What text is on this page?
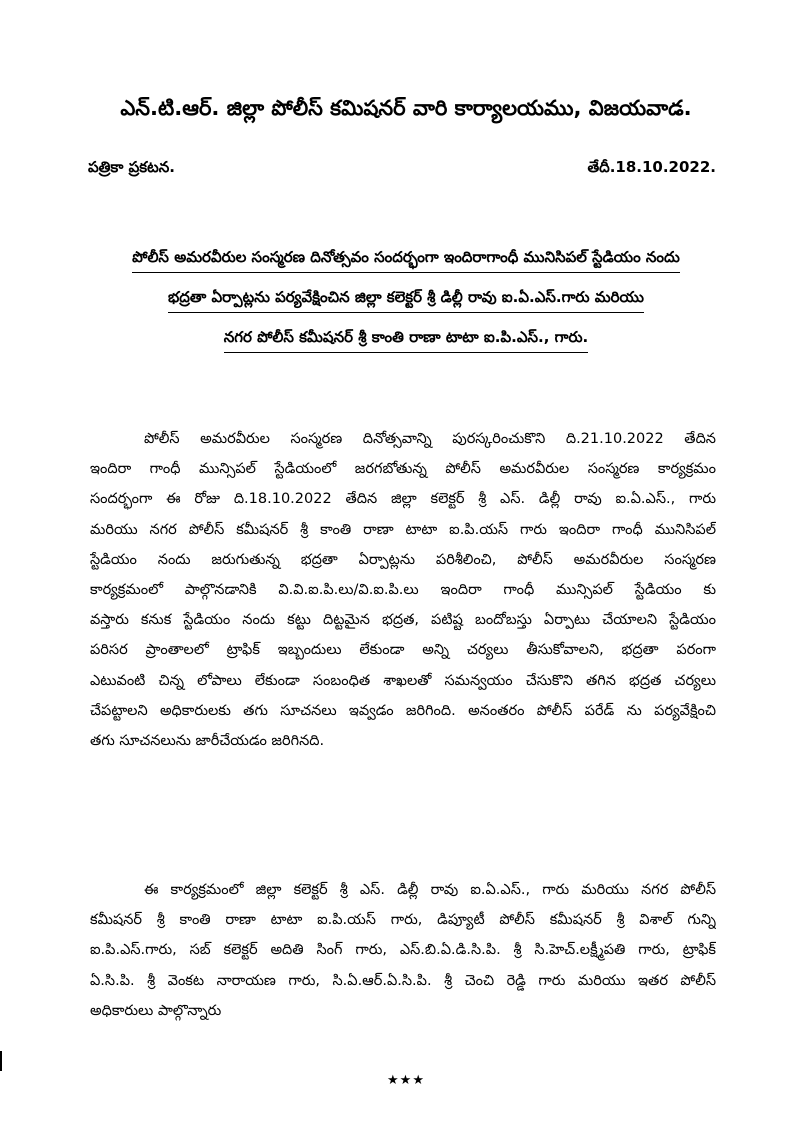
ఎన్.టి.ఆర్. జిల్లా పోలీస్ కమిషనర్ వారి కార్యాలయము, విజయవాడ.
పత్రికా ప్రకటన.	తేదీ.18.10.2022.
పోలీస్ అమరవీరుల సంస్మరణ దినోత్సవం సందర్భంగా ఇందిరాగాంధీ మునిసిపల్ స్టేడియం నందు
భద్రతా ఏర్పాట్లను పర్యవేక్షించిన జిల్లా కలెక్టర్ శ్రీ డిల్లీ రావు ఐ.ఏ.ఎస్.గారు మరియు
నగర పోలీస్ కమీషనర్ శ్రీ కాంతి రాణా టాటా ఐ.పి.ఎస్., గారు.
పోలీస్ అమరవీరుల సంస్మరణ దినోత్సవాన్ని పురస్కరించుకొని ది.21.10.2022 తేదిన
ఇందిరా గాంధీ మున్సిపల్ స్టేడియంలో జరగబోతున్న పోలీస్ అమరవీరుల సంస్మరణ కార్యక్రమం
సందర్భంగా ఈ రోజు ది.18.10.2022 తేదిన జిల్లా కలెక్టర్ శ్రీ ఎస్. డిల్లీ రావు ఐ.ఏ.ఎస్., గారు
మరియు నగర పోలీస్ కమీషనర్ శ్రీ కాంతి రాణా టాటా ఐ.పి.యస్ గారు ఇందిరా గాంధీ మునిసిపల్
స్టేడియం నందు జరుగుతున్న భద్రతా ఏర్పాట్లను పరిశీలించి, పోలీస్ అమరవీరుల సంస్మరణ
కార్యక్రమంలో పాల్గొనడానికి వి.వి.ఐ.పి.లు/వి.ఐ.పి.లు ఇందిరా గాంధీ మున్సిపల్ స్టేడియం కు
వస్తారు కనుక స్టేడియం నందు కట్టు దిట్టమైన భద్రత, పటిష్ట బందోబస్తు ఏర్పాటు చేయాలని స్టేడియం
పరిసర ప్రాంతాలలో ట్రాఫిక్ ఇబ్బందులు లేకుండా అన్ని చర్యలు తీసుకోవాలని, భద్రతా పరంగా
ఎటువంటి చిన్న లోపాలు లేకుండా సంబంధిత శాఖలతో సమన్వయం చేసుకొని తగిన భద్రత చర్యలు
చేపట్టాలని అధికారులకు తగు సూచనలు ఇవ్వడం జరిగింది. అనంతరం పోలీస్ పరేడ్ ను పర్యవేక్షించి
తగు సూచనలును జారీచేయడం జరిగినది.
ఈ కార్యక్రమంలో జిల్లా కలెక్టర్ శ్రీ ఎస్. డిల్లీ రావు ఐ.ఏ.ఎస్., గారు మరియు నగర పోలీస్
కమీషనర్ శ్రీ కాంతి రాణా టాటా ఐ.పి.యస్ గారు, డిప్యూటీ పోలీస్ కమీషనర్ శ్రీ విశాల్ గున్ని
ఐ.పి.ఎస్.గారు, సబ్ కలెక్టర్ అదితి సింగ్ గారు, ఎస్.బి.ఏ.డి.సి.పి. శ్రీ సి.హెచ్.లక్ష్మీపతి గారు, ట్రాఫిక్
ఏ.సి.పి. శ్రీ వెంకట నారాయణ గారు, సి.ఏ.ఆర్.ఏ.సి.పి. శ్రీ చెంచి రెడ్డి గారు మరియు ఇతర పోలీస్
అధికారులు పాల్గొన్నారు
★★★
